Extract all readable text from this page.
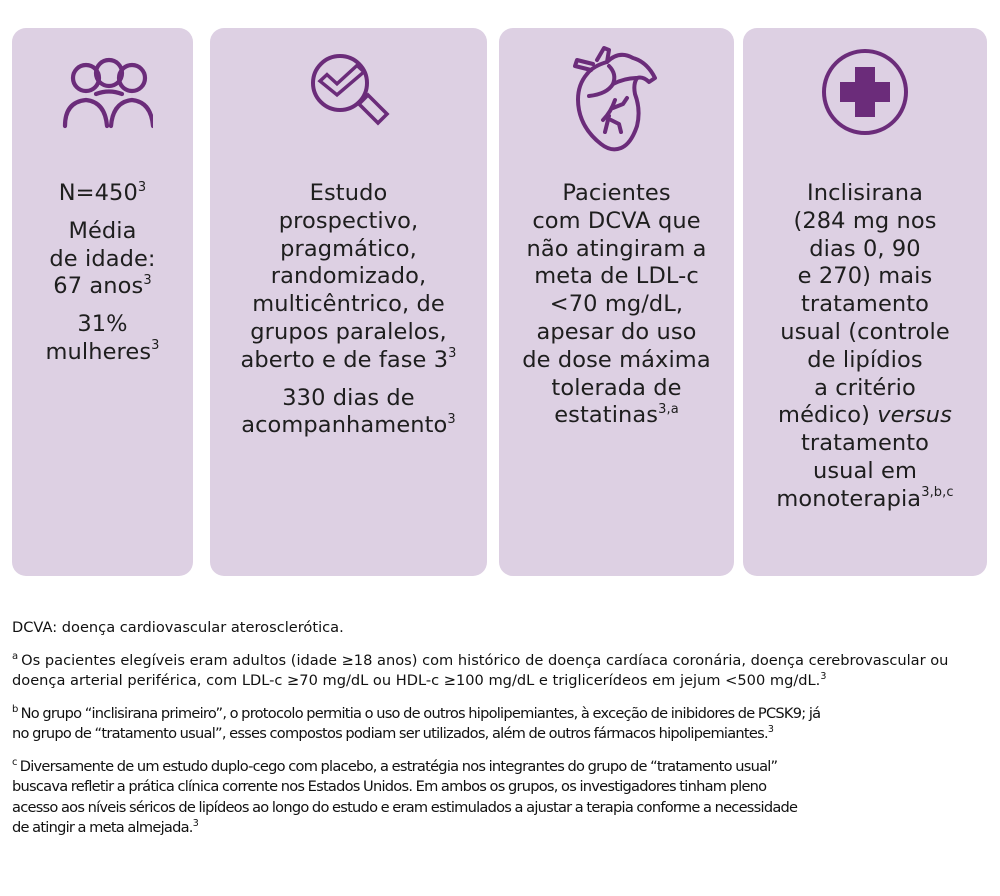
$N=450^3$

Média
de idade:
67 anos$^3$

31%
mulheres$^3$

Estudo
prospectivo,
pragmático,
randomizado,
multicêntrico, de
grupos paralelos,
aberto e de fase $3^3$

330 dias de
acompanhamento$^3$

Pacientes
com DCVA que
não atingiram a
meta de LDL-c
<70 mg/dL,
apesar do uso
de dose máxima
tolerada de
estatinas$^{3,a}$

Inclisirana
(284 mg nos
dias 0, 90
e 270) mais
tratamento
usual (controle
de lipídios
a critério
médico) versus
tratamento
usual em
monoterapia$^{3,b,c}$

DCVA: doença cardiovascular aterosclerótica.

$^a$ Os pacientes elegíveis eram adultos (idade ≥18 anos) com histórico de doença cardíaca coronária, doença cerebrovascular ou
doença arterial periférica, com LDL-c ≥70 mg/dL ou HDL-c ≥100 mg/dL e triglicerídeos em jejum <500 mg/dL.$^3$

$^b$ No grupo “inclisirana primeiro”, o protocolo permitia o uso de outros hipolipemiantes, à exceção de inibidores de PCSK9; já
no grupo de “tratamento usual”, esses compostos podiam ser utilizados, além de outros fármacos hipolipemiantes.$^3$

$^c$ Diversamente de um estudo duplo-cego com placebo, a estratégia nos integrantes do grupo de “tratamento usual”
buscava refletir a prática clínica corrente nos Estados Unidos. Em ambos os grupos, os investigadores tinham pleno
acesso aos níveis séricos de lipídeos ao longo do estudo e eram estimulados a ajustar a terapia conforme a necessidade
de atingir a meta almejada.$^3$
